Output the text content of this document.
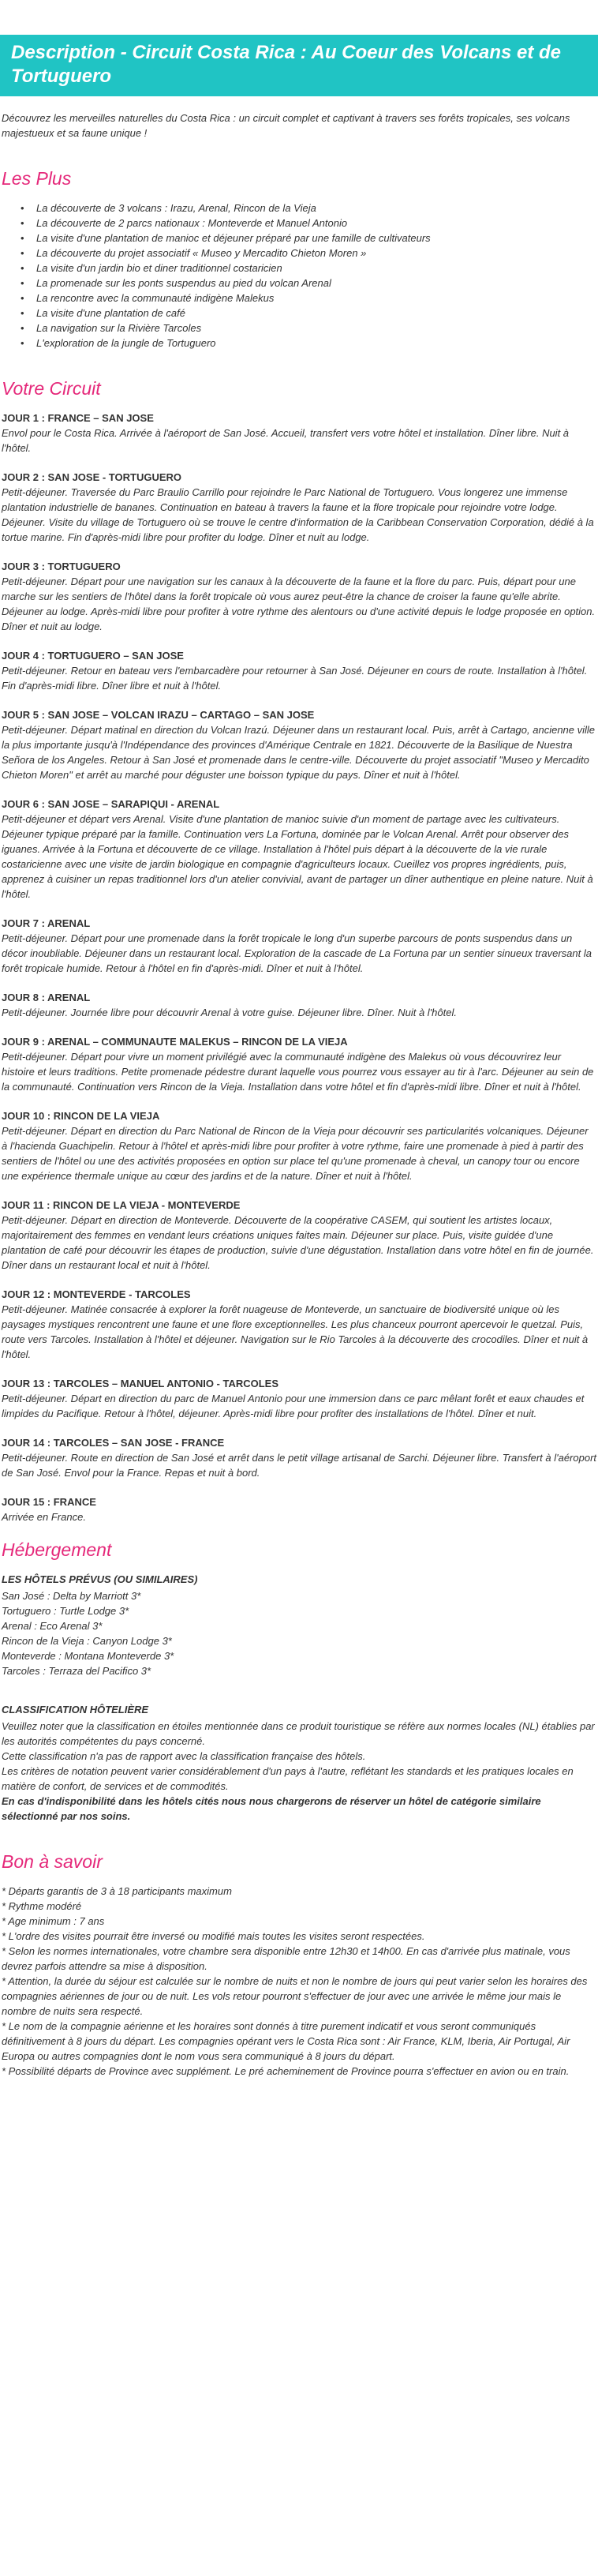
Description - Circuit Costa Rica : Au Coeur des Volcans et de Tortuguero

Découvrez les merveilles naturelles du Costa Rica : un circuit complet et captivant à travers ses forêts tropicales, ses volcans majestueux et sa faune unique !

Les Plus
• La découverte de 3 volcans : Irazu, Arenal, Rincon de la Vieja
• La découverte de 2 parcs nationaux : Monteverde et Manuel Antonio
• La visite d'une plantation de manioc et déjeuner préparé par une famille de cultivateurs
• La découverte du projet associatif « Museo y Mercadito Chieton Moren »
• La visite d'un jardin bio et diner traditionnel costaricien
• La promenade sur les ponts suspendus au pied du volcan Arenal
• La rencontre avec la communauté indigène Malekus
• La visite d'une plantation de café
• La navigation sur la Rivière Tarcoles
• L'exploration de la jungle de Tortuguero
Votre Circuit
JOUR 1 : FRANCE – SAN JOSE
Envol pour le Costa Rica. Arrivée à l'aéroport de San José. Accueil, transfert vers votre hôtel et installation. Dîner libre. Nuit à l'hôtel.
JOUR 2 : SAN JOSE - TORTUGUERO
Petit-déjeuner. Traversée du Parc Braulio Carrillo pour rejoindre le Parc National de Tortuguero. Vous longerez une immense plantation industrielle de bananes. Continuation en bateau à travers la faune et la flore tropicale pour rejoindre votre lodge. Déjeuner. Visite du village de Tortuguero où se trouve le centre d'information de la Caribbean Conservation Corporation, dédié à la tortue marine. Fin d'après-midi libre pour profiter du lodge. Dîner et nuit au lodge.
JOUR 3 : TORTUGUERO
Petit-déjeuner. Départ pour une navigation sur les canaux à la découverte de la faune et la flore du parc. Puis, départ pour une marche sur les sentiers de l'hôtel dans la forêt tropicale où vous aurez peut-être la chance de croiser la faune qu'elle abrite. Déjeuner au lodge. Après-midi libre pour profiter à votre rythme des alentours ou d'une activité depuis le lodge proposée en option. Dîner et nuit au lodge.
JOUR 4 : TORTUGUERO – SAN JOSE
Petit-déjeuner. Retour en bateau vers l'embarcadère pour retourner à San José. Déjeuner en cours de route. Installation à l'hôtel. Fin d'après-midi libre. Dîner libre et nuit à l'hôtel.
JOUR 5 : SAN JOSE – VOLCAN IRAZU – CARTAGO – SAN JOSE
Petit-déjeuner. Départ matinal en direction du Volcan Irazú. Déjeuner dans un restaurant local. Puis, arrêt à Cartago, ancienne ville la plus importante jusqu'à l'Indépendance des provinces d'Amérique Centrale en 1821. Découverte de la Basilique de Nuestra Señora de los Angeles. Retour à San José et promenade dans le centre-ville. Découverte du projet associatif "Museo y Mercadito Chieton Moren" et arrêt au marché pour déguster une boisson typique du pays. Dîner et nuit à l'hôtel.
JOUR 6 : SAN JOSE – SARAPIQUI - ARENAL
Petit-déjeuner et départ vers Arenal. Visite d'une plantation de manioc suivie d'un moment de partage avec les cultivateurs. Déjeuner typique préparé par la famille. Continuation vers La Fortuna, dominée par le Volcan Arenal. Arrêt pour observer des iguanes. Arrivée à la Fortuna et découverte de ce village. Installation à l'hôtel puis départ à la découverte de la vie rurale costaricienne avec une visite de jardin biologique en compagnie d'agriculteurs locaux. Cueillez vos propres ingrédients, puis, apprenez à cuisiner un repas traditionnel lors d'un atelier convivial, avant de partager un dîner authentique en pleine nature. Nuit à l'hôtel.
JOUR 7 : ARENAL
Petit-déjeuner. Départ pour une promenade dans la forêt tropicale le long d'un superbe parcours de ponts suspendus dans un décor inoubliable. Déjeuner dans un restaurant local. Exploration de la cascade de La Fortuna par un sentier sinueux traversant la forêt tropicale humide. Retour à l'hôtel en fin d'après-midi. Dîner et nuit à l'hôtel.
JOUR 8 : ARENAL
Petit-déjeuner. Journée libre pour découvrir Arenal à votre guise. Déjeuner libre. Dîner. Nuit à l'hôtel.
JOUR 9 : ARENAL – COMMUNAUTE MALEKUS – RINCON DE LA VIEJA
Petit-déjeuner. Départ pour vivre un moment privilégié avec la communauté indigène des Malekus où vous découvrirez leur histoire et leurs traditions. Petite promenade pédestre durant laquelle vous pourrez vous essayer au tir à l'arc. Déjeuner au sein de la communauté. Continuation vers Rincon de la Vieja. Installation dans votre hôtel et fin d'après-midi libre. Dîner et nuit à l'hôtel.
JOUR 10 : RINCON DE LA VIEJA
Petit-déjeuner. Départ en direction du Parc National de Rincon de la Vieja pour découvrir ses particularités volcaniques. Déjeuner à l'hacienda Guachipelin. Retour à l'hôtel et après-midi libre pour profiter à votre rythme, faire une promenade à pied à partir des sentiers de l'hôtel ou une des activités proposées en option sur place tel qu'une promenade à cheval, un canopy tour ou encore une expérience thermale unique au cœur des jardins et de la nature. Dîner et nuit à l'hôtel.
JOUR 11 : RINCON DE LA VIEJA - MONTEVERDE
Petit-déjeuner. Départ en direction de Monteverde. Découverte de la coopérative CASEM, qui soutient les artistes locaux, majoritairement des femmes en vendant leurs créations uniques faites main. Déjeuner sur place. Puis, visite guidée d'une plantation de café pour découvrir les étapes de production, suivie d'une dégustation. Installation dans votre hôtel en fin de journée. Dîner dans un restaurant local et nuit à l'hôtel.
JOUR 12 : MONTEVERDE - TARCOLES
Petit-déjeuner. Matinée consacrée à explorer la forêt nuageuse de Monteverde, un sanctuaire de biodiversité unique où les paysages mystiques rencontrent une faune et une flore exceptionnelles. Les plus chanceux pourront apercevoir le quetzal. Puis, route vers Tarcoles. Installation à l'hôtel et déjeuner. Navigation sur le Rio Tarcoles à la découverte des crocodiles. Dîner et nuit à l'hôtel.
JOUR 13 : TARCOLES – MANUEL ANTONIO - TARCOLES
Petit-déjeuner. Départ en direction du parc de Manuel Antonio pour une immersion dans ce parc mêlant forêt et eaux chaudes et limpides du Pacifique. Retour à l'hôtel, déjeuner. Après-midi libre pour profiter des installations de l'hôtel. Dîner et nuit.
JOUR 14 : TARCOLES – SAN JOSE - FRANCE
Petit-déjeuner. Route en direction de San José et arrêt dans le petit village artisanal de Sarchi. Déjeuner libre. Transfert à l'aéroport de San José. Envol pour la France. Repas et nuit à bord.
JOUR 15 : FRANCE
Arrivée en France.
Hébergement
LES HÔTELS PRÉVUS (OU SIMILAIRES)
San José : Delta by Marriott 3*
Tortuguero : Turtle Lodge 3*
Arenal : Eco Arenal 3*
Rincon de la Vieja : Canyon Lodge 3*
Monteverde : Montana Monteverde 3*
Tarcoles : Terraza del Pacifico 3*
CLASSIFICATION HÔTELIÈRE
Veuillez noter que la classification en étoiles mentionnée dans ce produit touristique se réfère aux normes locales (NL) établies par les autorités compétentes du pays concerné.
Cette classification n'a pas de rapport avec la classification française des hôtels.
Les critères de notation peuvent varier considérablement d'un pays à l'autre, reflétant les standards et les pratiques locales en matière de confort, de services et de commodités.
En cas d'indisponibilité dans les hôtels cités nous nous chargerons de réserver un hôtel de catégorie similaire sélectionné par nos soins.
Bon à savoir
* Départs garantis de 3 à 18 participants maximum
* Rythme modéré
* Age minimum : 7 ans
* L'ordre des visites pourrait être inversé ou modifié mais toutes les visites seront respectées.
* Selon les normes internationales, votre chambre sera disponible entre 12h30 et 14h00. En cas d'arrivée plus matinale, vous devrez parfois attendre sa mise à disposition.
* Attention, la durée du séjour est calculée sur le nombre de nuits et non le nombre de jours qui peut varier selon les horaires des compagnies aériennes de jour ou de nuit. Les vols retour pourront s'effectuer de jour avec une arrivée le même jour mais le nombre de nuits sera respecté.
* Le nom de la compagnie aérienne et les horaires sont donnés à titre purement indicatif et vous seront communiqués définitivement à 8 jours du départ. Les compagnies opérant vers le Costa Rica sont : Air France, KLM, Iberia, Air Portugal, Air Europa ou autres compagnies dont le nom vous sera communiqué à 8 jours du départ.
* Possibilité départs de Province avec supplément. Le pré acheminement de Province pourra s'effectuer en avion ou en train.
